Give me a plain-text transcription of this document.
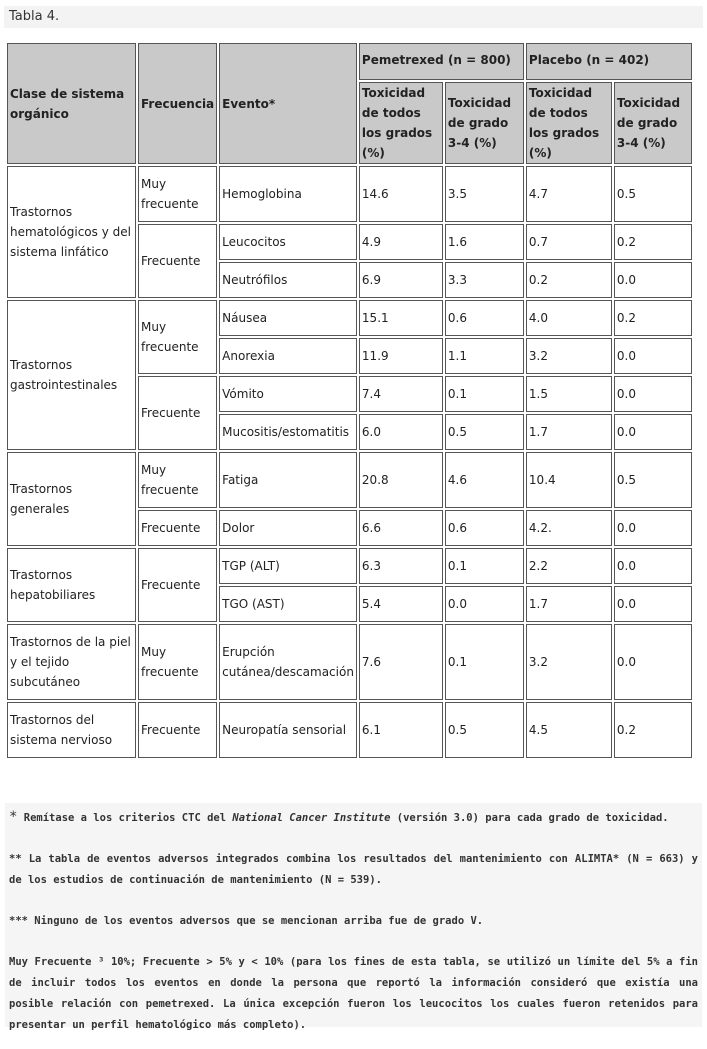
Tabla 4.
Clase de sistema orgánico	Frecuencia	Evento*	Pemetrexed (n = 800)		Placebo (n = 402)	
			Toxicidad de todos los grados (%)	Toxicidad de grado 3-4 (%)	Toxicidad de todos los grados (%)	Toxicidad de grado 3-4 (%)
Trastornos hematológicos y del sistema linfático	Muy frecuente	Hemoglobina	14.6	3.5	4.7	0.5
	Frecuente	Leucocitos	4.9	1.6	0.7	0.2
		Neutrófilos	6.9	3.3	0.2	0.0
Trastornos gastrointestinales	Muy frecuente	Náusea	15.1	0.6	4.0	0.2
		Anorexia	11.9	1.1	3.2	0.0
	Frecuente	Vómito	7.4	0.1	1.5	0.0
		Mucositis/estomatitis	6.0	0.5	1.7	0.0
Trastornos generales	Muy frecuente	Fatiga	20.8	4.6	10.4	0.5
	Frecuente	Dolor	6.6	0.6	4.2.	0.0
Trastornos hepatobiliares	Frecuente	TGP (ALT)	6.3	0.1	2.2	0.0
		TGO (AST)	5.4	0.0	1.7	0.0
Trastornos de la piel y el tejido subcutáneo	Muy frecuente	Erupción cutánea/descamación	7.6	0.1	3.2	0.0
Trastornos del sistema nervioso	Frecuente	Neuropatía sensorial	6.1	0.5	4.5	0.2

* Remítase a los criterios CTC del National Cancer Institute (versión 3.0) para cada grado de toxicidad.

** La tabla de eventos adversos integrados combina los resultados del mantenimiento con ALIMTA* (N = 663) y de los estudios de continuación de mantenimiento (N = 539).

*** Ninguno de los eventos adversos que se mencionan arriba fue de grado V.

Muy Frecuente ³ 10%; Frecuente > 5% y < 10% (para los fines de esta tabla, se utilizó un límite del 5% a fin de incluir todos los eventos en donde la persona que reportó la información consideró que existía una posible relación con pemetrexed. La única excepción fueron los leucocitos los cuales fueron retenidos para presentar un perfil hematológico más completo).
